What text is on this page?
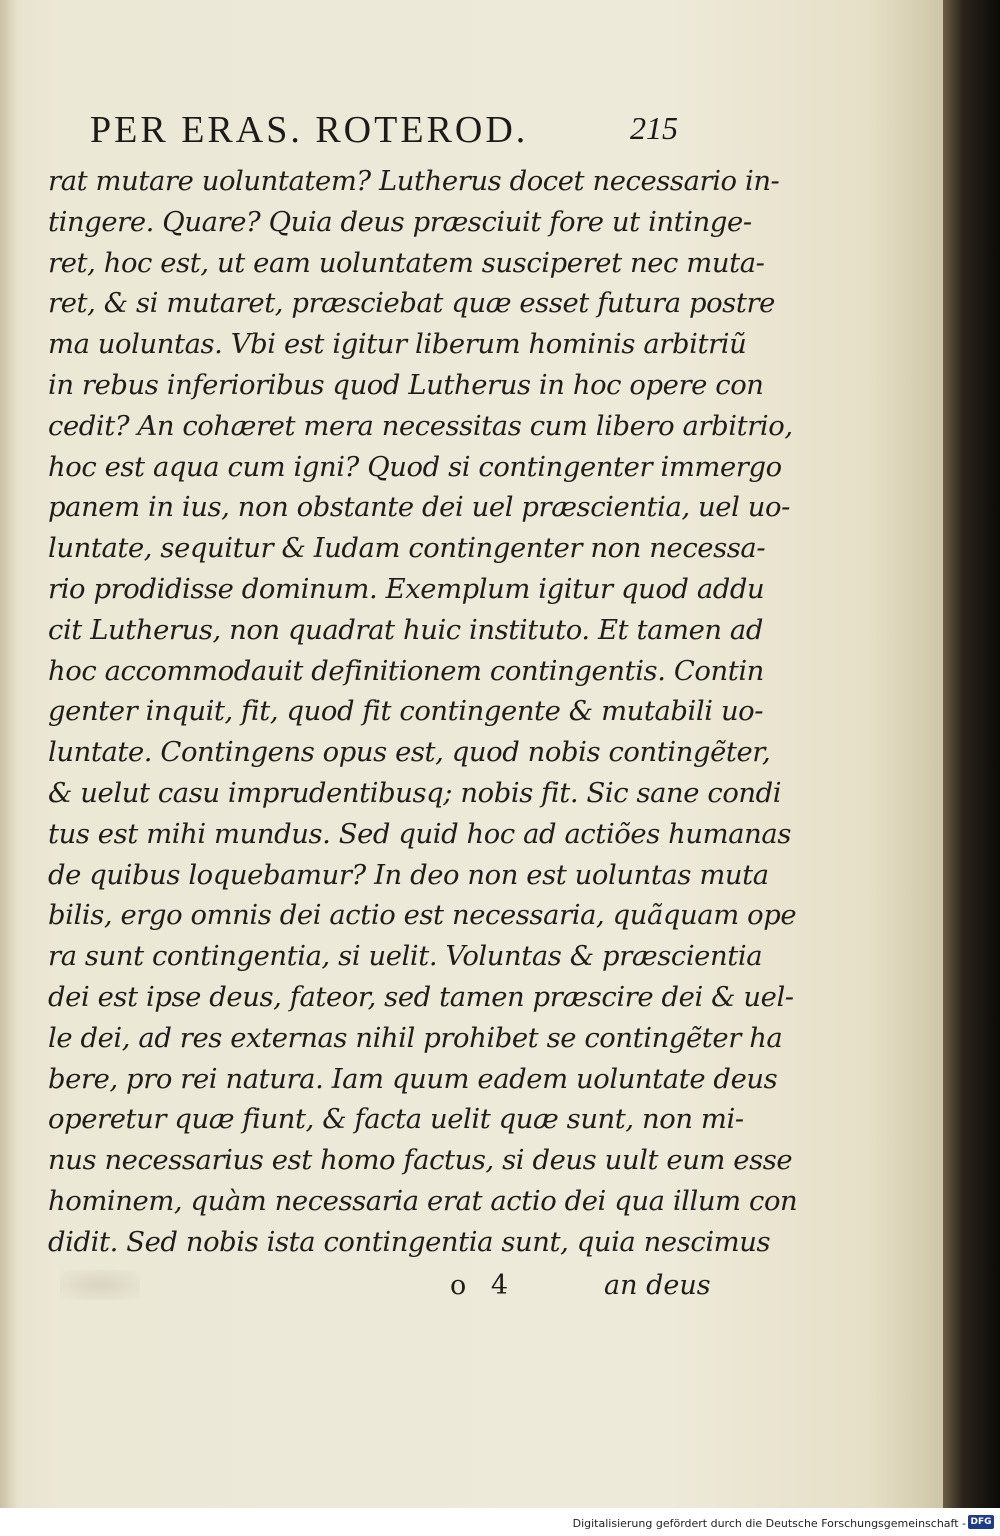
PER ERAS. ROTEROD.	215
rat mutare uoluntatem? Lutherus docet necessario in-
tingere. Quare? Quia deus præsciuit fore ut intinge-
ret, hoc est, ut eam uoluntatem susciperet nec muta-
ret, & si mutaret, præsciebat quæ esset futura postre
ma uoluntas. Vbi est igitur liberum hominis arbitriũ
in rebus inferioribus quod Lutherus in hoc opere con
cedit? An cohæret mera necessitas cum libero arbitrio,
hoc est aqua cum igni? Quod si contingenter immergo
panem in ius, non obstante dei uel præscientia, uel uo-
luntate, sequitur & Iudam contingenter non necessa-
rio prodidisse dominum. Exemplum igitur quod addu
cit Lutherus, non quadrat huic instituto. Et tamen ad
hoc accommodauit definitionem contingentis. Contin
genter inquit, fit, quod fit contingente & mutabili uo-
luntate. Contingens opus est, quod nobis contingẽter,
& uelut casu imprudentibusq; nobis fit. Sic sane condi
tus est mihi mundus. Sed quid hoc ad actiões humanas
de quibus loquebamur? In deo non est uoluntas muta
bilis, ergo omnis dei actio est necessaria, quãquam ope
ra sunt contingentia, si uelit. Voluntas & præscientia
dei est ipse deus, fateor, sed tamen præscire dei & uel-
le dei, ad res externas nihil prohibet se contingẽter ha
bere, pro rei natura. Iam quum eadem uoluntate deus
operetur quæ fiunt, & facta uelit quæ sunt, non mi-
nus necessarius est homo factus, si deus uult eum esse
hominem, quàm necessaria erat actio dei qua illum con
didit. Sed nobis ista contingentia sunt, quia nescimus
o 4	an deus
Digitalisierung gefördert durch die Deutsche Forschungsgemeinschaft - DFG
